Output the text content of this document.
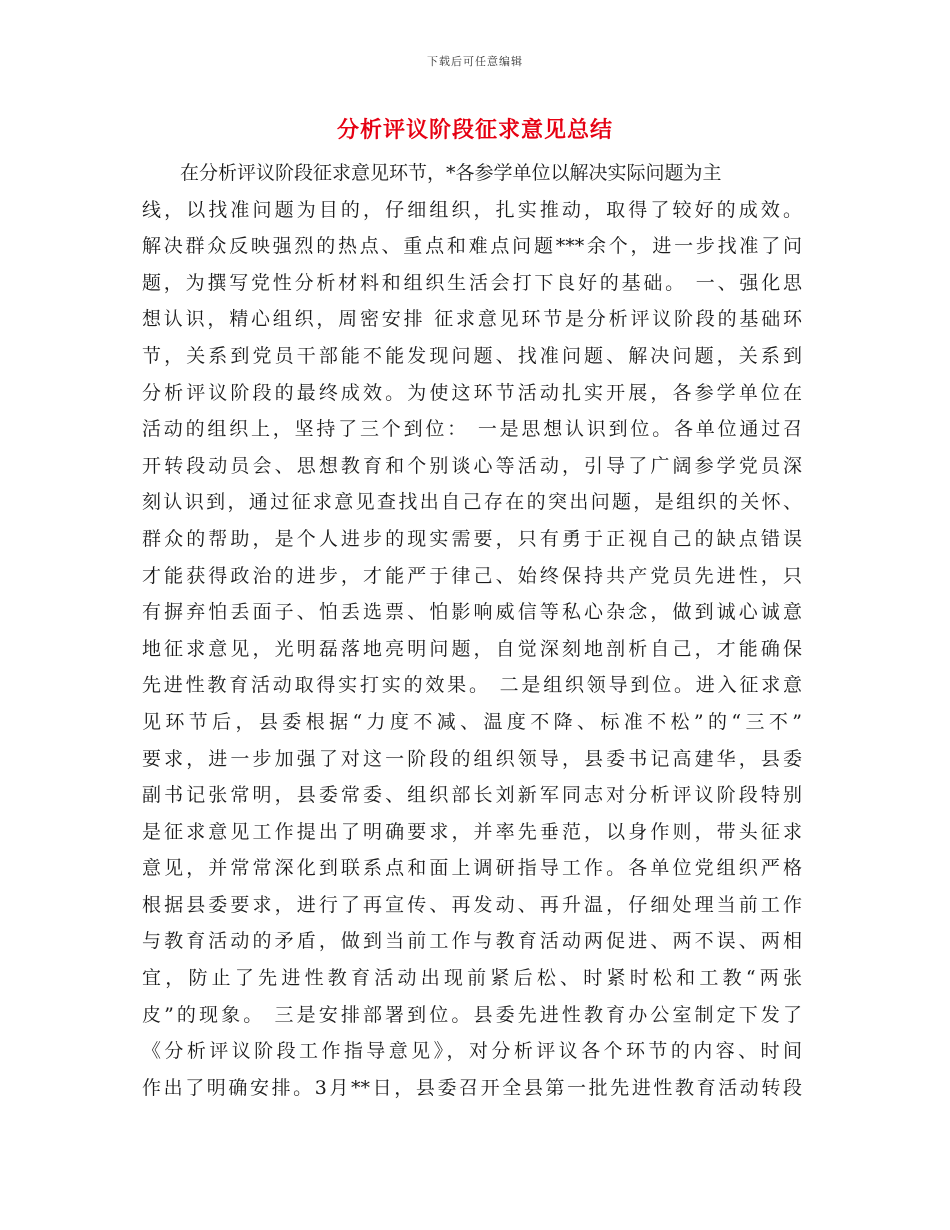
下载后可任意编辑
分析评议阶段征求意见总结
　　在分析评议阶段征求意见环节，*各参学单位以解决实际问题为主
线，以找准问题为目的，仔细组织，扎实推动，取得了较好的成效。
解决群众反映强烈的热点、重点和难点问题***余个，进一步找准了问
题，为撰写党性分析材料和组织生活会打下良好的基础。 一、强化思
想认识，精心组织，周密安排 征求意见环节是分析评议阶段的基础环
节，关系到党员干部能不能发现问题、找准问题、解决问题，关系到
分析评议阶段的最终成效。为使这环节活动扎实开展，各参学单位在
活动的组织上，坚持了三个到位： 一是思想认识到位。各单位通过召
开转段动员会、思想教育和个别谈心等活动，引导了广阔参学党员深
刻认识到，通过征求意见查找出自己存在的突出问题，是组织的关怀、
群众的帮助，是个人进步的现实需要，只有勇于正视自己的缺点错误
才能获得政治的进步，才能严于律己、始终保持共产党员先进性，只
有摒弃怕丢面子、怕丢选票、怕影响威信等私心杂念，做到诚心诚意
地征求意见，光明磊落地亮明问题，自觉深刻地剖析自己，才能确保
先进性教育活动取得实打实的效果。 二是组织领导到位。进入征求意
见环节后，县委根据“力度不减、温度不降、标准不松”的“三不”
要求，进一步加强了对这一阶段的组织领导，县委书记高建华，县委
副书记张常明，县委常委、组织部长刘新军同志对分析评议阶段特别
是征求意见工作提出了明确要求，并率先垂范，以身作则，带头征求
意见，并常常深化到联系点和面上调研指导工作。各单位党组织严格
根据县委要求，进行了再宣传、再发动、再升温，仔细处理当前工作
与教育活动的矛盾，做到当前工作与教育活动两促进、两不误、两相
宜，防止了先进性教育活动出现前紧后松、时紧时松和工教“两张
皮”的现象。 三是安排部署到位。县委先进性教育办公室制定下发了
《分析评议阶段工作指导意见》，对分析评议各个环节的内容、时间
作出了明确安排。3月**日，县委召开全县第一批先进性教育活动转段
